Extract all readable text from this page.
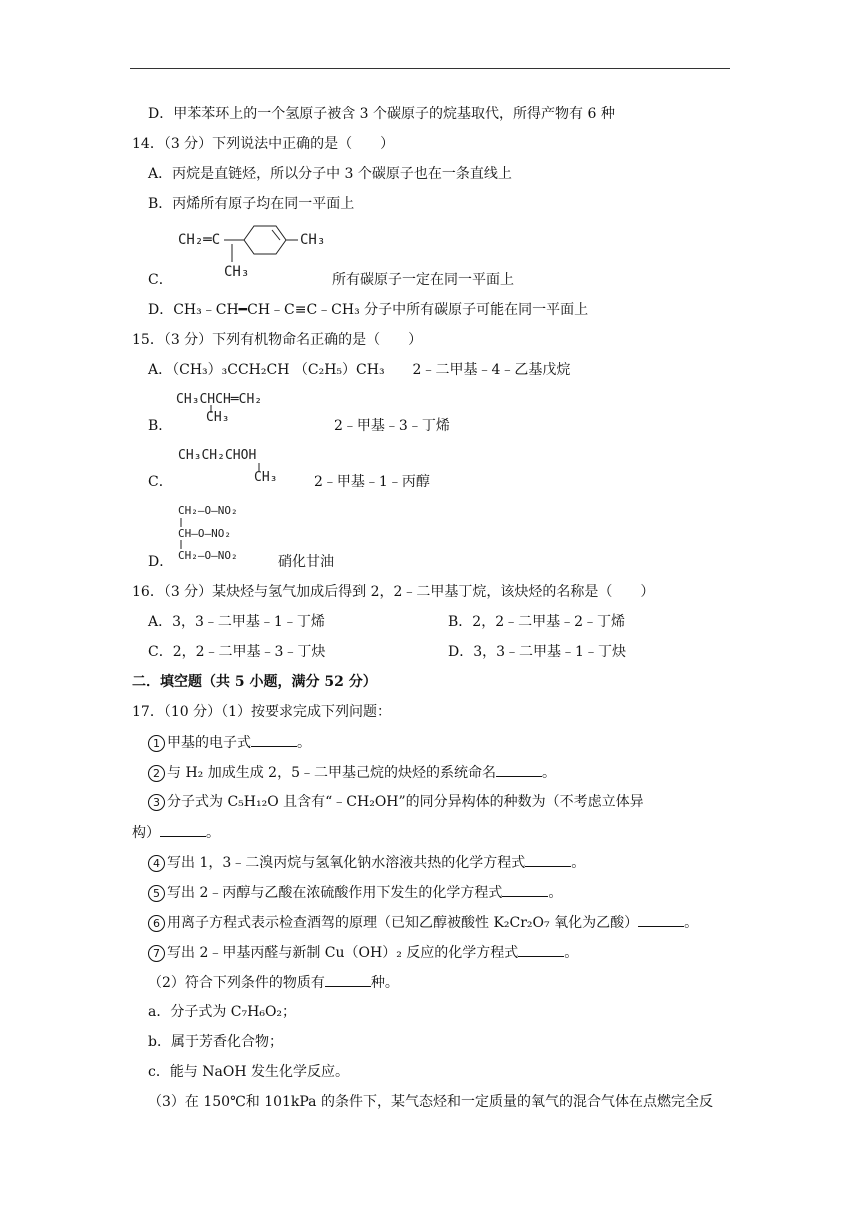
D．甲苯苯环上的一个氢原子被含 3 个碳原子的烷基取代，所得产物有 6 种
14．（3 分）下列说法中正确的是（　　）
A．丙烷是直链烃，所以分子中 3 个碳原子也在一条直线上
B．丙烯所有原子均在同一平面上
CH₂═C	CH₃
CH₃
C．	所有碳原子一定在同一平面上
D．CH₃﹣CH━CH﹣C≡C﹣CH₃ 分子中所有碳原子可能在同一平面上
15．（3 分）下列有机物命名正确的是（　　）
A．（CH₃）₃CCH₂CH （C₂H₅）CH₃　　2﹣二甲基﹣4﹣乙基戊烷
CH₃CHCH═CH₂
CH₃
B．	2﹣甲基﹣3﹣丁烯
CH₃CH₂CHOH
CH₃
C．	2﹣甲基﹣1﹣丙醇
CH₂—O—NO₂
CH—O—NO₂
CH₂—O—NO₂
D．	硝化甘油
16．（3 分）某炔烃与氢气加成后得到 2，2﹣二甲基丁烷，该炔烃的名称是（　　）
A．3，3﹣二甲基﹣1﹣丁烯	B．2，2﹣二甲基﹣2﹣丁烯
C．2，2﹣二甲基﹣3﹣丁炔	D．3，3﹣二甲基﹣1﹣丁炔
二．填空题（共 5 小题，满分 52 分）
17．（10 分）（1）按要求完成下列问题：
1 甲基的电子式	。
2 与 H₂ 加成生成 2，5﹣二甲基己烷的炔烃的系统命名	。
3 分子式为 C₅H₁₂O 且含有“﹣CH₂OH”的同分异构体的种数为（不考虑立体异
构）	。
4 写出 1，3﹣二溴丙烷与氢氧化钠水溶液共热的化学方程式	。
5 写出 2﹣丙醇与乙酸在浓硫酸作用下发生的化学方程式	。
6 用离子方程式表示检查酒驾的原理（已知乙醇被酸性 K₂Cr₂O₇ 氧化为乙酸）	。
7 写出 2﹣甲基丙醛与新制 Cu（OH）₂ 反应的化学方程式	。
（2）符合下列条件的物质有	种。
a．分子式为 C₇H₆O₂；
b．属于芳香化合物；
c．能与 NaOH 发生化学反应。
（3）在 150℃和 101kPa 的条件下，某气态烃和一定质量的氧气的混合气体在点燃完全反
